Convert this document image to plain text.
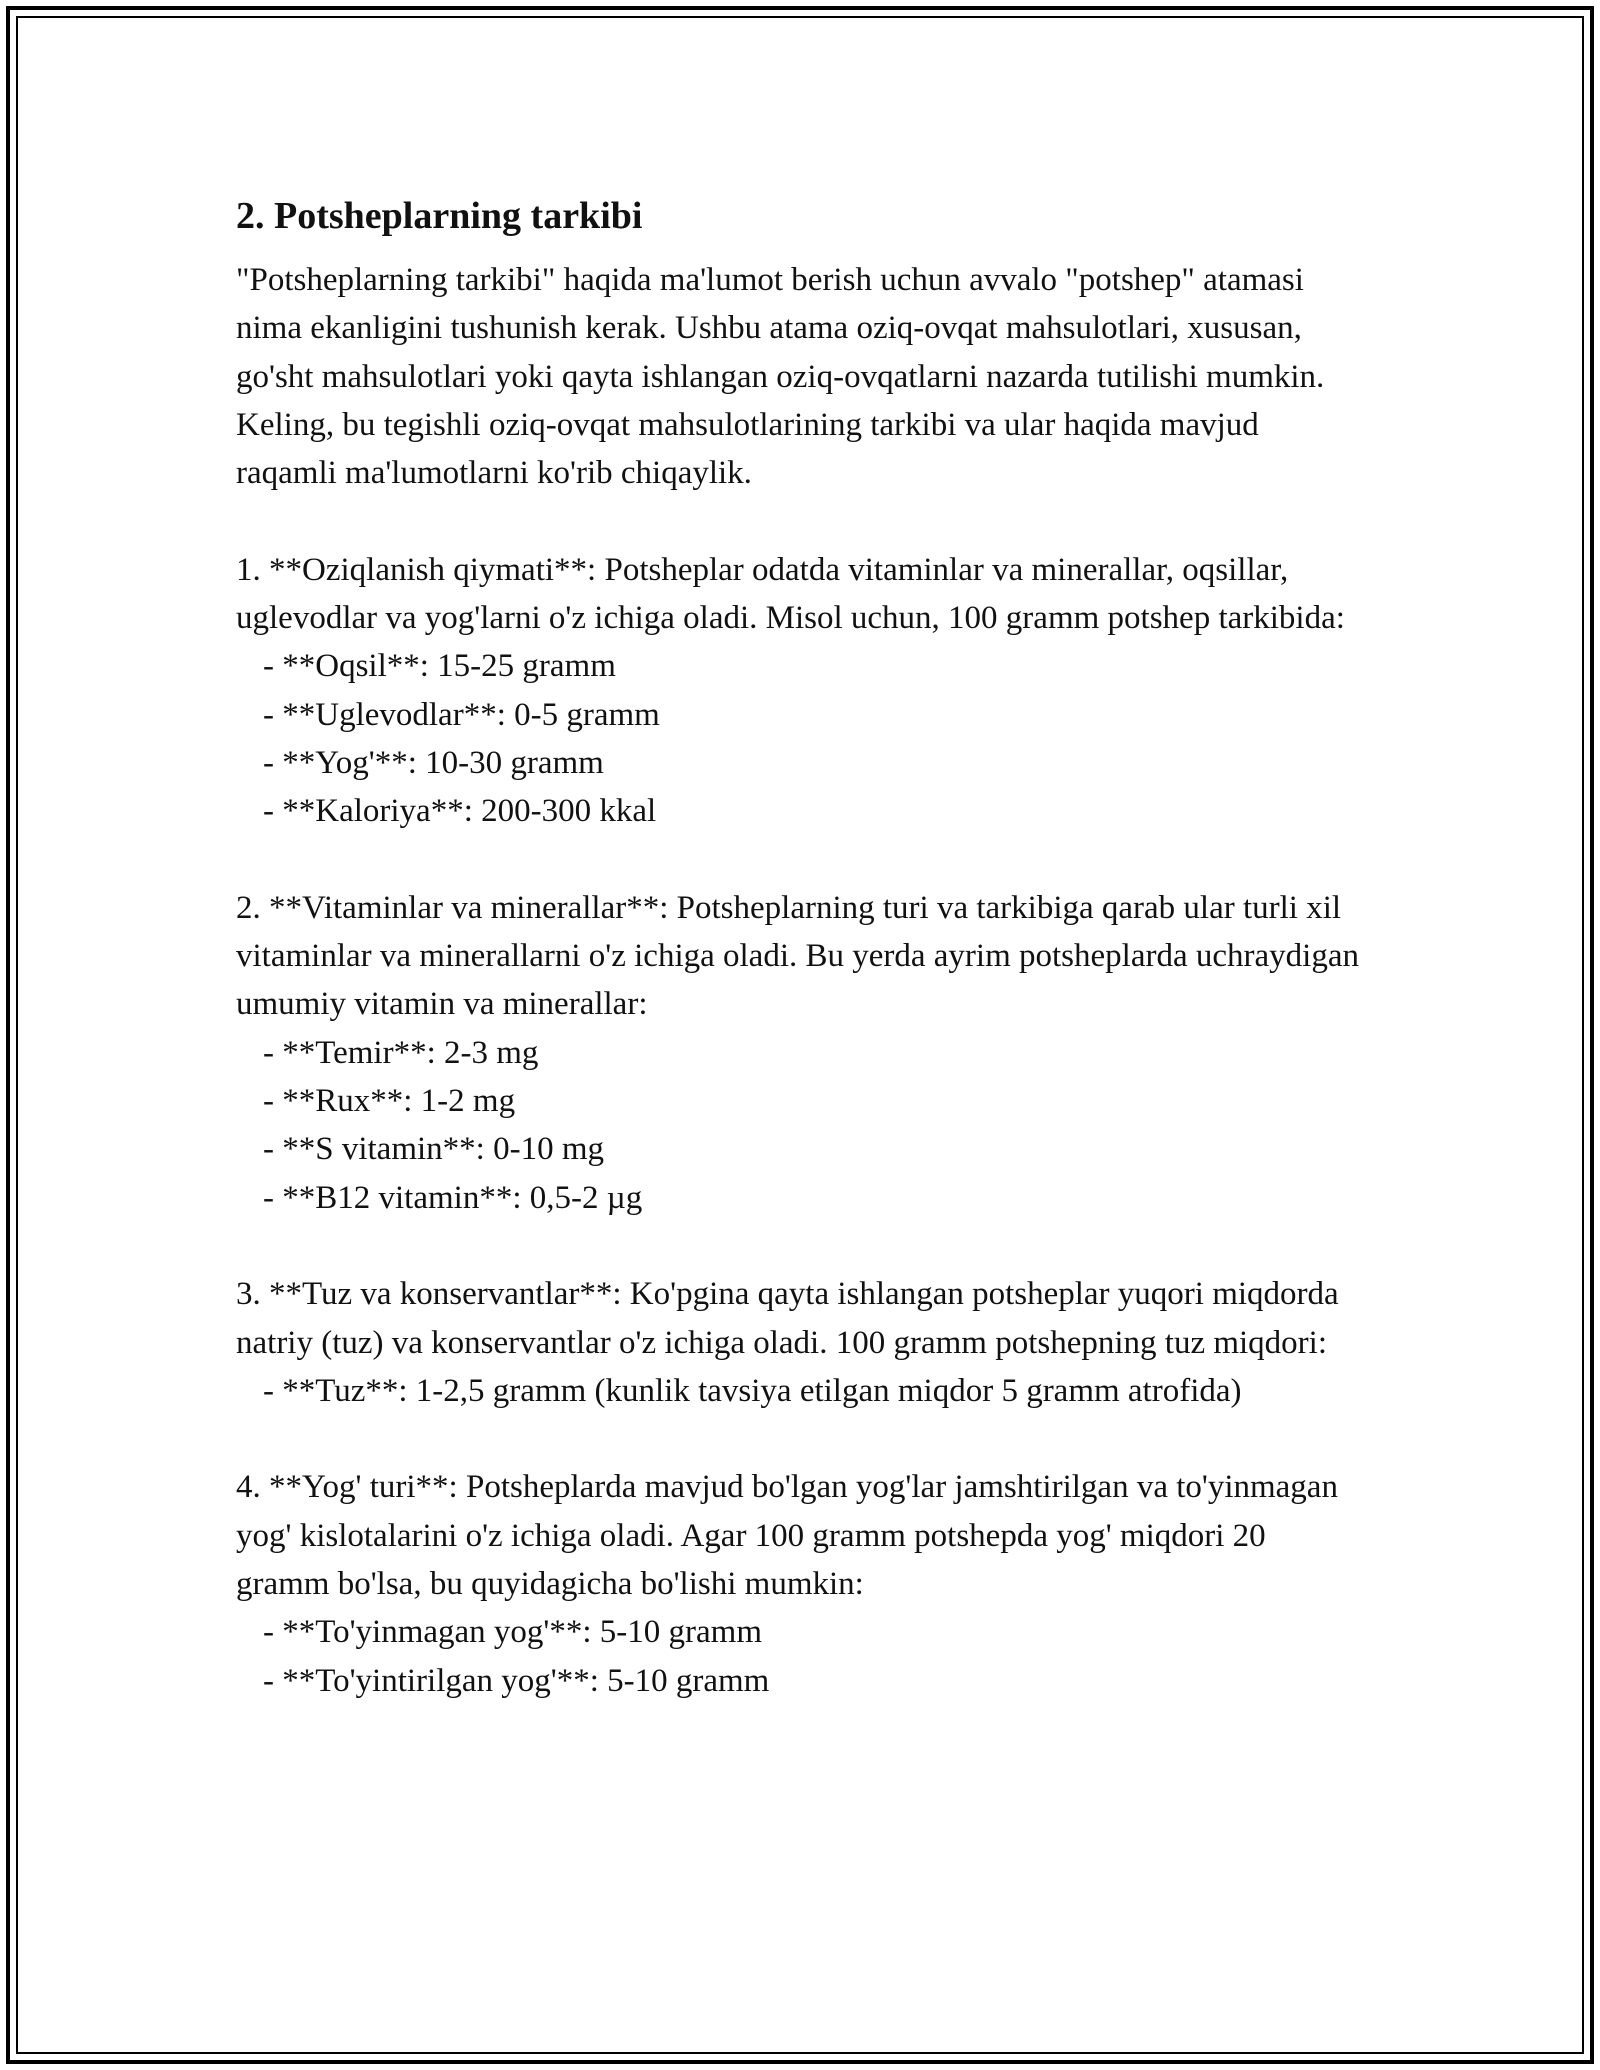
2. Potsheplarning tarkibi

"Potsheplarning tarkibi" haqida ma'lumot berish uchun avvalo "potshep" atamasi nima ekanligini tushunish kerak. Ushbu atama oziq-ovqat mahsulotlari, xususan, go'sht mahsulotlari yoki qayta ishlangan oziq-ovqatlarni nazarda tutilishi mumkin. Keling, bu tegishli oziq-ovqat mahsulotlarining tarkibi va ular haqida mavjud raqamli ma'lumotlarni ko'rib chiqaylik.

1. **Oziqlanish qiymati**: Potsheplar odatda vitaminlar va minerallar, oqsillar, uglevodlar va yog'larni o'z ichiga oladi. Misol uchun, 100 gramm potshep tarkibida:

- **Oqsil**: 15-25 gramm

- **Uglevodlar**: 0-5 gramm

- **Yog'**: 10-30 gramm

- **Kaloriya**: 200-300 kkal

2. **Vitaminlar va minerallar**: Potsheplarning turi va tarkibiga qarab ular turli xil vitaminlar va minerallarni o'z ichiga oladi. Bu yerda ayrim potsheplarda uchraydigan umumiy vitamin va minerallar:

- **Temir**: 2-3 mg

- **Rux**: 1-2 mg

- **S vitamin**: 0-10 mg

- **B12 vitamin**: 0,5-2 µg

3. **Tuz va konservantlar**: Ko'pgina qayta ishlangan potsheplar yuqori miqdorda natriy (tuz) va konservantlar o'z ichiga oladi. 100 gramm potshepning tuz miqdori:

- **Tuz**: 1-2,5 gramm (kunlik tavsiya etilgan miqdor 5 gramm atrofida)

4. **Yog' turi**: Potsheplarda mavjud bo'lgan yog'lar jamshtirilgan va to'yinmagan yog' kislotalarini o'z ichiga oladi. Agar 100 gramm potshepda yog' miqdori 20 gramm bo'lsa, bu quyidagicha bo'lishi mumkin:

- **To'yinmagan yog'**: 5-10 gramm

- **To'yintirilgan yog'**: 5-10 gramm
